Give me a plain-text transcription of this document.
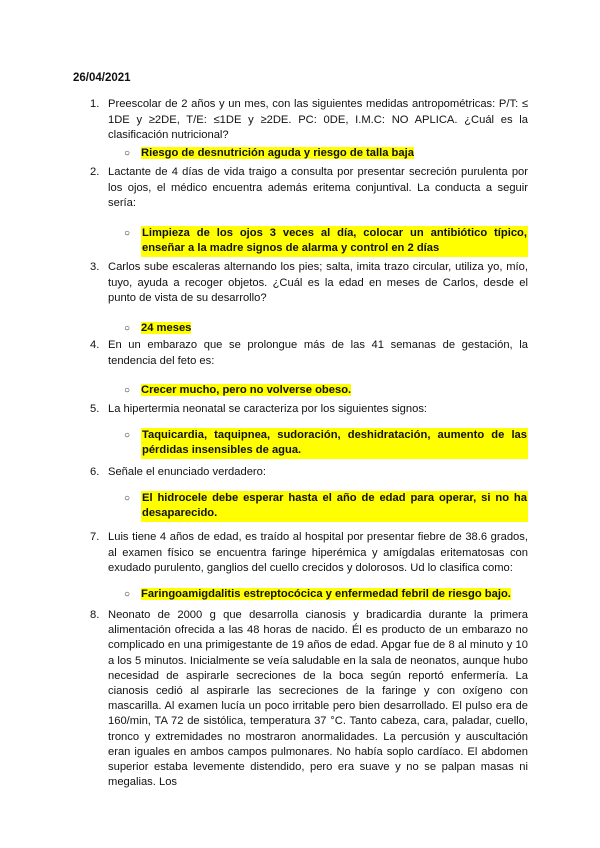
26/04/2021
1. Preescolar de 2 años y un mes, con las siguientes medidas antropométricas: P/T: ≤ 1DE y ≥2DE, T/E: ≤1DE y ≥2DE. PC: 0DE, I.M.C: NO APLICA. ¿Cuál es la clasificación nutricional?
○ Riesgo de desnutrición aguda y riesgo de talla baja
2. Lactante de 4 días de vida traigo a consulta por presentar secreción purulenta por los ojos, el médico encuentra además eritema conjuntival. La conducta a seguir sería:
○ Limpieza de los ojos 3 veces al día, colocar un antibiótico típico, enseñar a la madre signos de alarma y control en 2 días
3. Carlos sube escaleras alternando los pies; salta, imita trazo circular, utiliza yo, mío, tuyo, ayuda a recoger objetos. ¿Cuál es la edad en meses de Carlos, desde el punto de vista de su desarrollo?
○ 24 meses
4. En un embarazo que se prolongue más de las 41 semanas de gestación, la tendencia del feto es:
○ Crecer mucho, pero no volverse obeso.
5. La hipertermia neonatal se caracteriza por los siguientes signos:
○ Taquicardia, taquipnea, sudoración, deshidratación, aumento de las pérdidas insensibles de agua.
6. Señale el enunciado verdadero:
○ El hidrocele debe esperar hasta el año de edad para operar, si no ha desaparecido.
7. Luis tiene 4 años de edad, es traído al hospital por presentar fiebre de 38.6 grados, al examen físico se encuentra faringe hiperémica y amígdalas eritematosas con exudado purulento, ganglios del cuello crecidos y dolorosos. Ud lo clasifica como:
○ Faringoamigdalitis estreptocócica y enfermedad febril de riesgo bajo.
8. Neonato de 2000 g que desarrolla cianosis y bradicardia durante la primera alimentación ofrecida a las 48 horas de nacido. Él es producto de un embarazo no complicado en una primigestante de 19 años de edad. Apgar fue de 8 al minuto y 10 a los 5 minutos. Inicialmente se veía saludable en la sala de neonatos, aunque hubo necesidad de aspirarle secreciones de la boca según reportó enfermería. La cianosis cedió al aspirarle las secreciones de la faringe y con oxígeno con mascarilla. Al examen lucía un poco irritable pero bien desarrollado. El pulso era de 160/min, TA 72 de sistólica, temperatura 37 °C. Tanto cabeza, cara, paladar, cuello, tronco y extremidades no mostraron anormalidades. La percusión y auscultación eran iguales en ambos campos pulmonares. No había soplo cardíaco. El abdomen superior estaba levemente distendido, pero era suave y no se palpan masas ni megalias. Los
